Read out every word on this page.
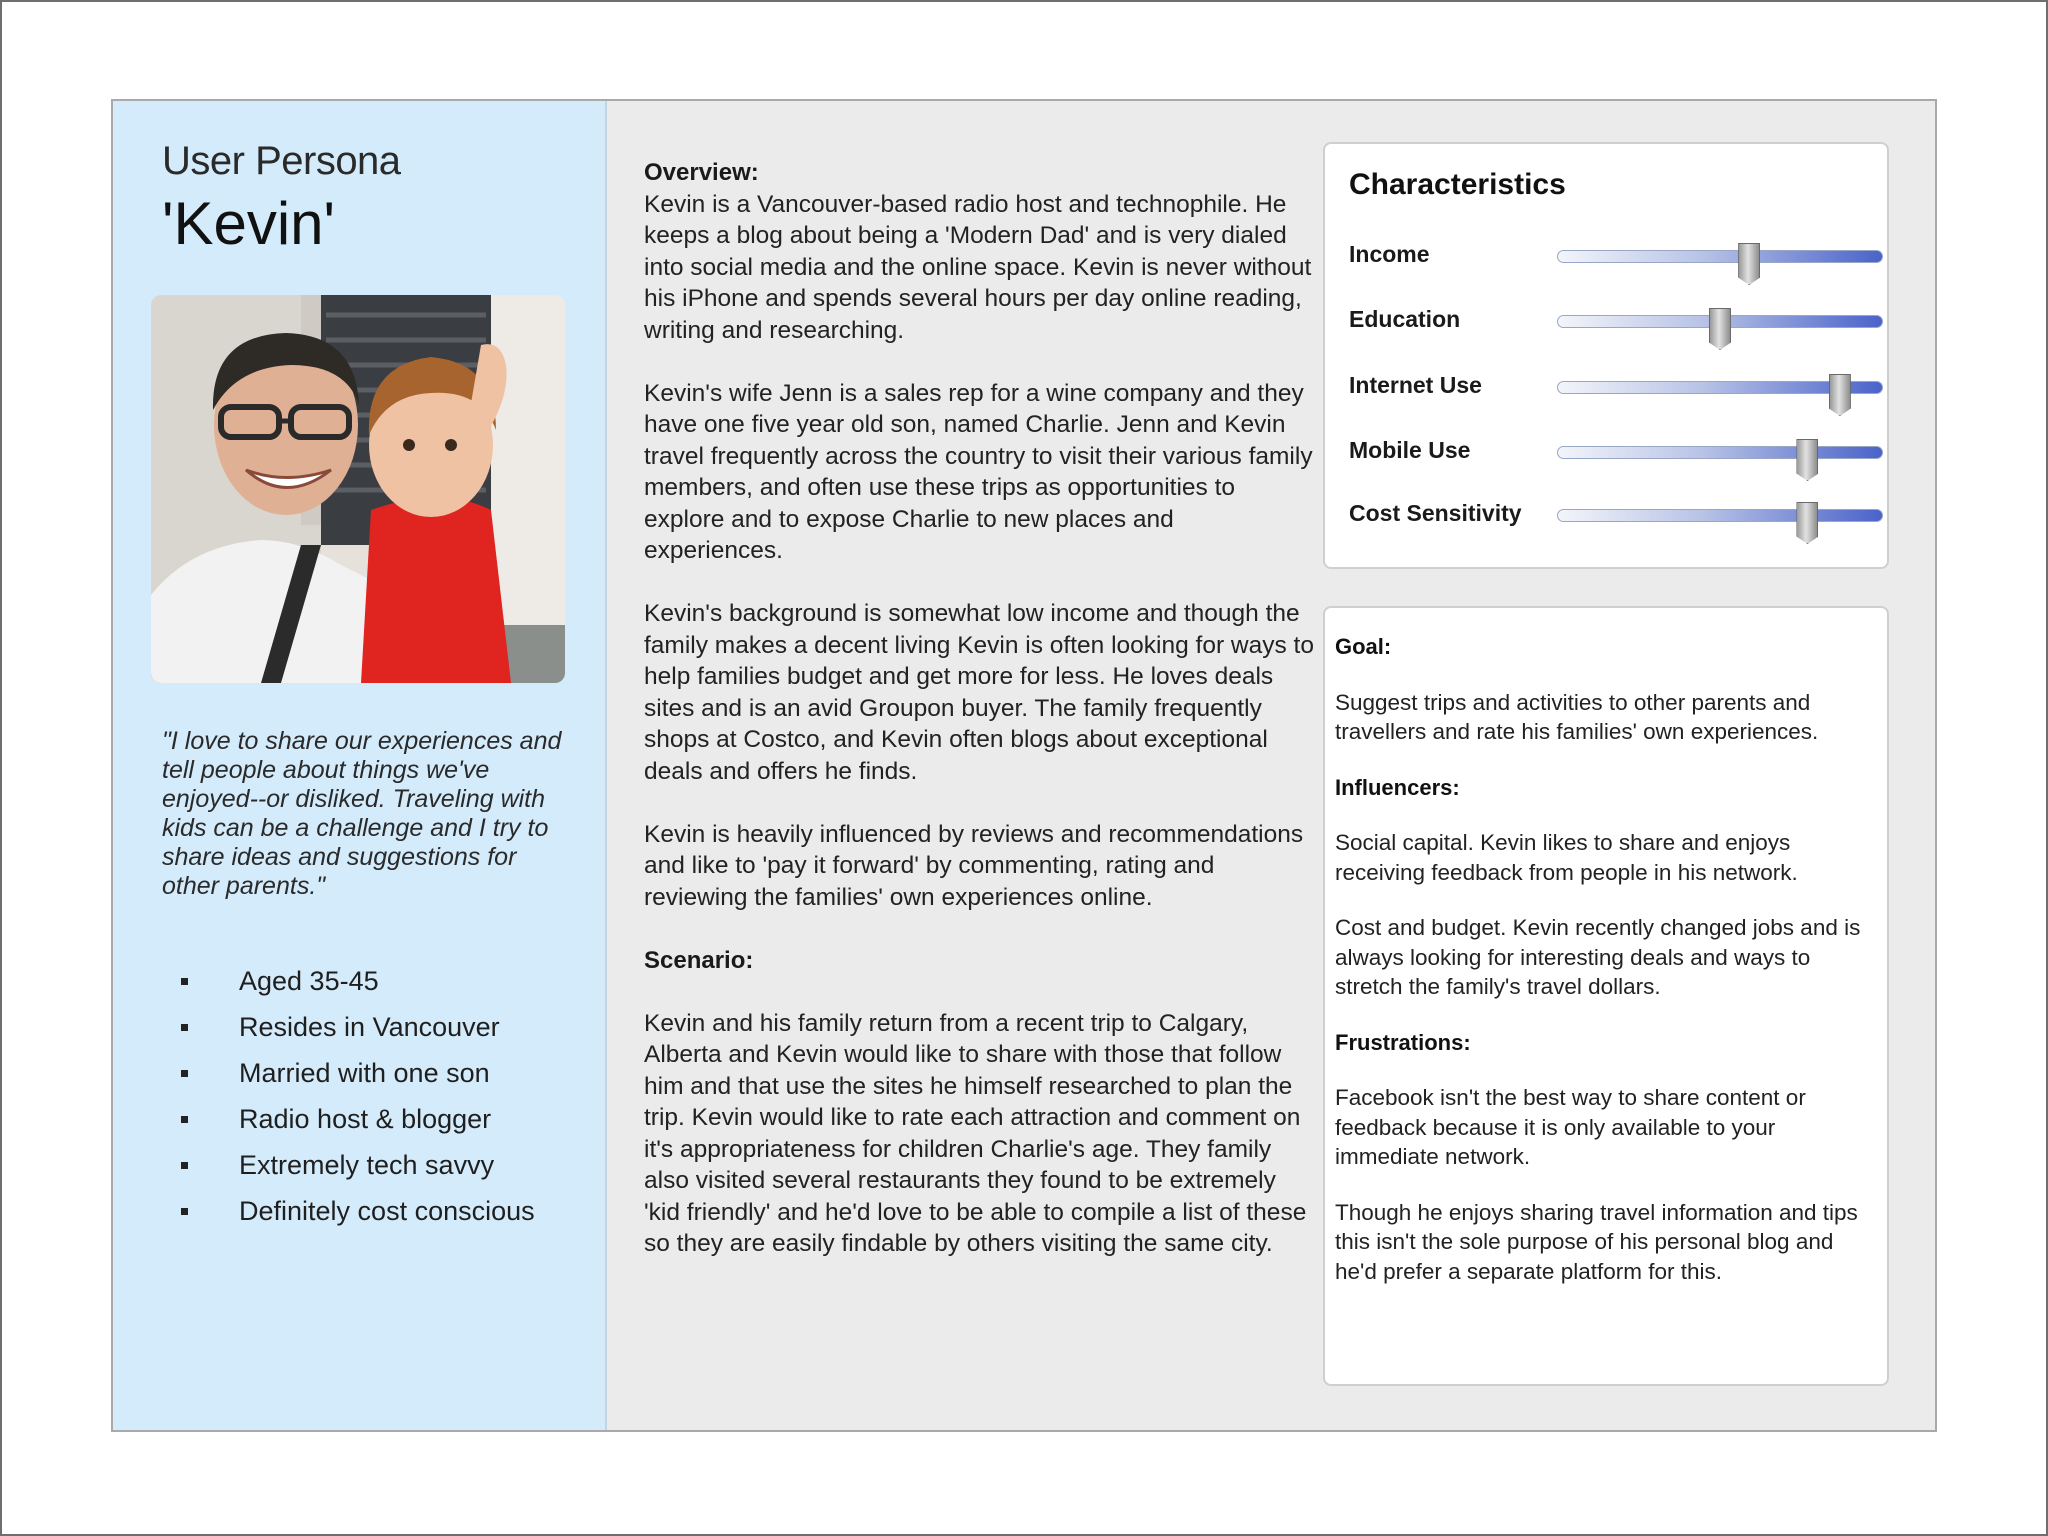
User Persona
'Kevin'
"I love to share our experiences and tell people about things we've enjoyed--or disliked. Traveling with kids can be a challenge and I try to share ideas and suggestions for other parents."
Aged 35-45
Resides in Vancouver
Married with one son
Radio host & blogger
Extremely tech savvy
Definitely cost conscious
Overview:

Kevin is a Vancouver-based radio host and technophile. He keeps a blog about being a 'Modern Dad' and is very dialed into social media and the online space. Kevin is never without his iPhone and spends several hours per day online reading, writing and researching.

Kevin's wife Jenn is a sales rep for a wine company and they have one five year old son, named Charlie. Jenn and Kevin travel frequently across the country to visit their various family members, and often use these trips as opportunities to explore and to expose Charlie to new places and experiences.

Kevin's background is somewhat low income and though the family makes a decent living Kevin is often looking for ways to help families budget and get more for less. He loves deals sites and is an avid Groupon buyer. The family frequently shops at Costco, and Kevin often blogs about exceptional deals and offers he finds.

Kevin is heavily influenced by reviews and recommendations and like to 'pay it forward' by commenting, rating and reviewing the families' own experiences online.

Scenario:

Kevin and his family return from a recent trip to Calgary, Alberta and Kevin would like to share with those that follow him and that use the sites he himself researched to plan the trip. Kevin would like to rate each attraction and comment on it's appropriateness for children Charlie's age. They family also visited several restaurants they found to be extremely 'kid friendly' and he'd love to be able to compile a list of these so they are easily findable by others visiting the same city.

Characteristics
Income
Education
Internet Use
Mobile Use
Cost Sensitivity

Goal:

Suggest trips and activities to other parents and travellers and rate his families' own experiences.

Influencers:

Social capital. Kevin likes to share and enjoys receiving feedback from people in his network.

Cost and budget. Kevin recently changed jobs and is always looking for interesting deals and ways to stretch the family's travel dollars.

Frustrations:

Facebook isn't the best way to share content or feedback because it is only available to your immediate network.

Though he enjoys sharing travel information and tips this isn't the sole purpose of his personal blog and he'd prefer a separate platform for this.
